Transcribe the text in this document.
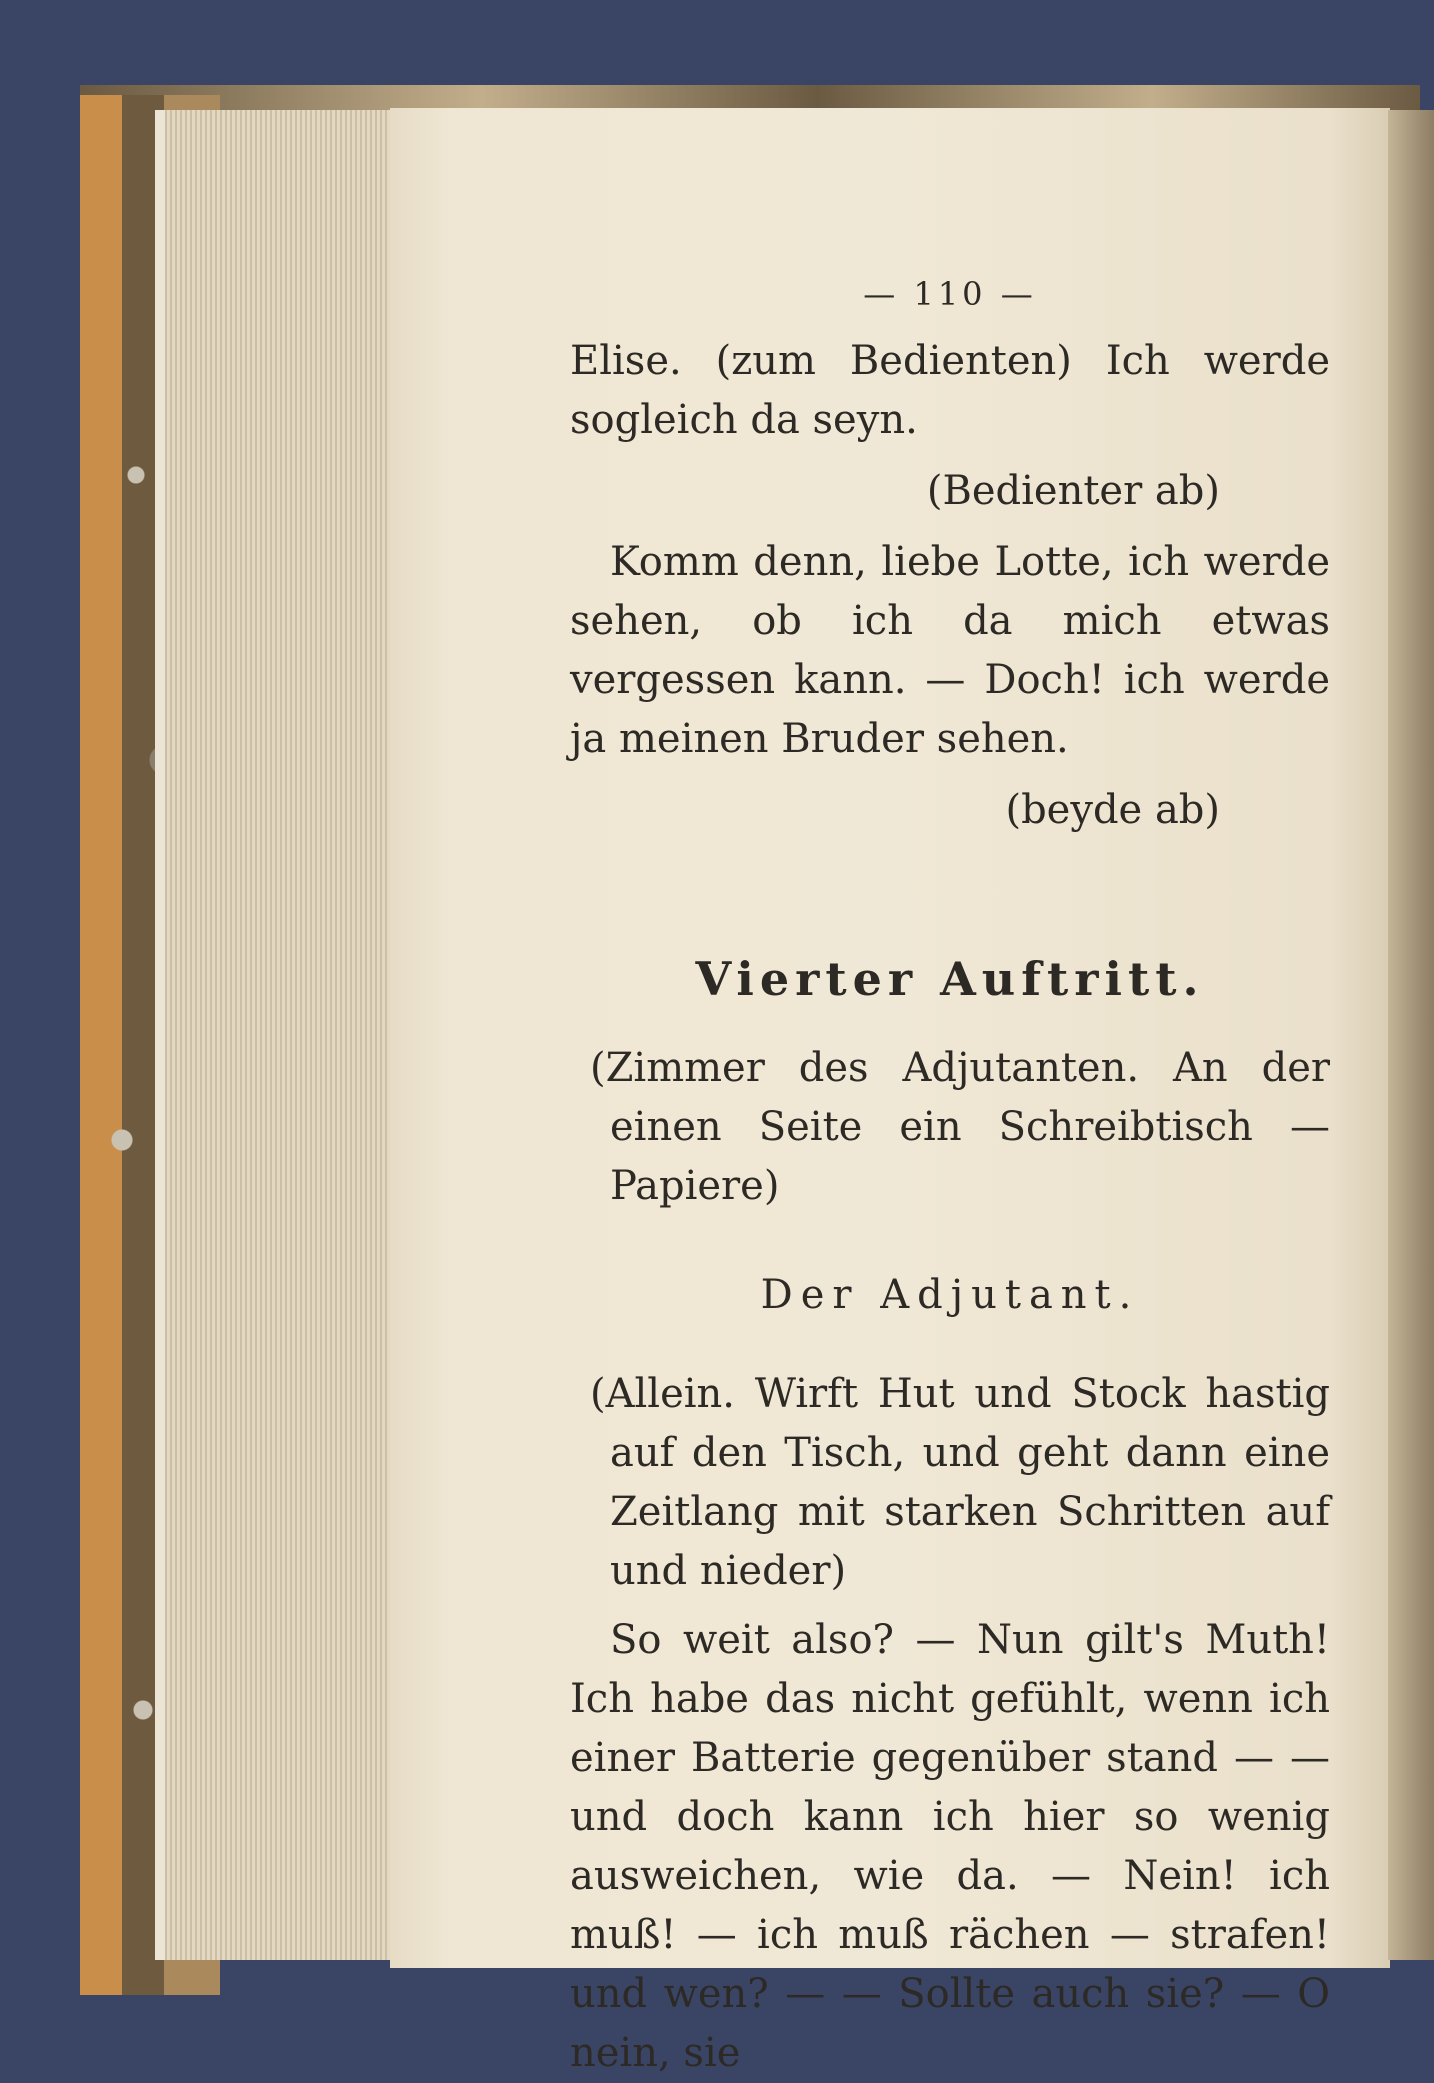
— 110 —

Elise. (zum Bedienten) Ich werde sogleich da seyn.

(Bedienter ab)

Komm denn, liebe Lotte, ich werde sehen, ob ich da mich etwas vergessen kann. — Doch! ich werde ja meinen Bruder sehen.

(beyde ab)

Vierter Auftritt.

(Zimmer des Adjutanten. An der einen Seite ein Schreibtisch — Papiere)

Der Adjutant.

(Allein. Wirft Hut und Stock hastig auf den Tisch, und geht dann eine Zeitlang mit starken Schritten auf und nieder)

So weit also? — Nun gilt's Muth! Ich habe das nicht gefühlt, wenn ich einer Batterie gegenüber stand — — und doch kann ich hier so wenig ausweichen, wie da. — Nein! ich muß! — ich muß rächen — strafen! und wen? — — Sollte auch sie? — O nein, sie
